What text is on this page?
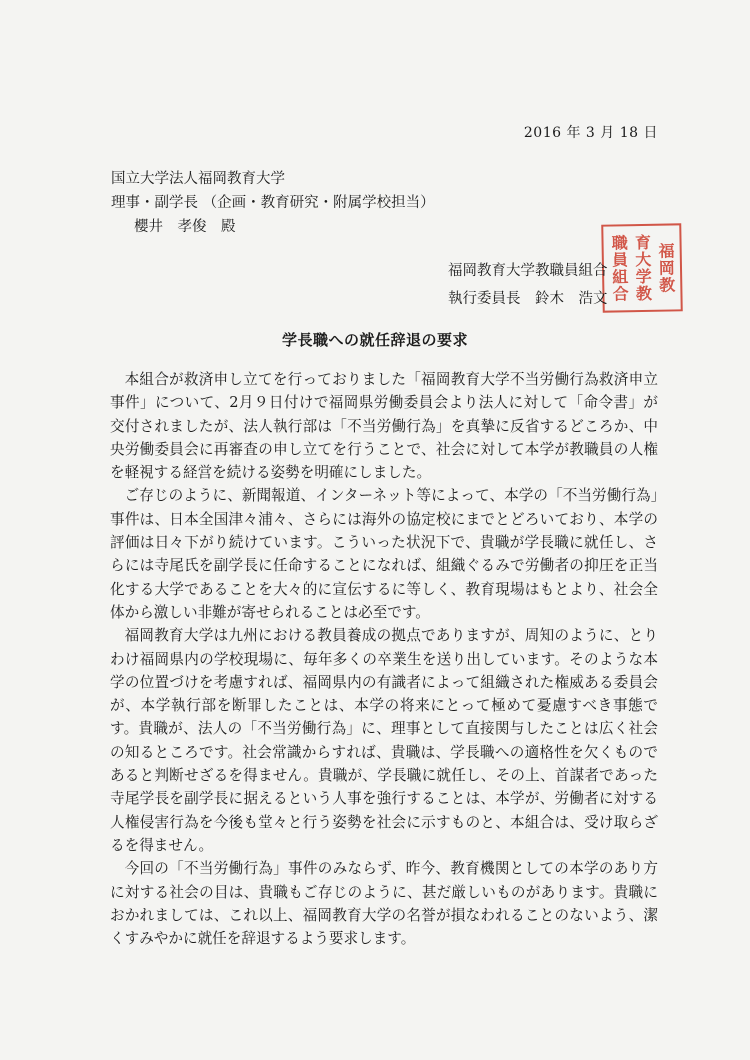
2016 年 3 月 18 日
国立大学法人福岡教育大学
理事・副学長 （企画・教育研究・附属学校担当）
櫻井　孝俊　殿
福岡教
育大学教
職員組合
福岡教育大学教職員組合
執行委員長　鈴木　浩文
学長職への就任辞退の要求

本組合が救済申し立てを行っておりました「福岡教育大学不当労働行為救済申立事件」について、2月９日付けで福岡県労働委員会より法人に対して「命令書」が交付されましたが、法人執行部は「不当労働行為」を真摯に反省するどころか、中央労働委員会に再審査の申し立てを行うことで、社会に対して本学が教職員の人権を軽視する経営を続ける姿勢を明確にしました。

ご存じのように、新聞報道、インターネット等によって、本学の「不当労働行為」事件は、日本全国津々浦々、さらには海外の協定校にまでとどろいており、本学の評価は日々下がり続けています。こういった状況下で、貴職が学長職に就任し、さらには寺尾氏を副学長に任命することになれば、組織ぐるみで労働者の抑圧を正当化する大学であることを大々的に宣伝するに等しく、教育現場はもとより、社会全体から激しい非難が寄せられることは必至です。

福岡教育大学は九州における教員養成の拠点でありますが、周知のように、とりわけ福岡県内の学校現場に、毎年多くの卒業生を送り出しています。そのような本学の位置づけを考慮すれば、福岡県内の有識者によって組織された権威ある委員会が、本学執行部を断罪したことは、本学の将来にとって極めて憂慮すべき事態です。貴職が、法人の「不当労働行為」に、理事として直接関与したことは広く社会の知るところです。社会常識からすれば、貴職は、学長職への適格性を欠くものであると判断せざるを得ません。貴職が、学長職に就任し、その上、首謀者であった寺尾学長を副学長に据えるという人事を強行することは、本学が、労働者に対する人権侵害行為を今後も堂々と行う姿勢を社会に示すものと、本組合は、受け取らざるを得ません。

今回の「不当労働行為」事件のみならず、昨今、教育機関としての本学のあり方に対する社会の目は、貴職もご存じのように、甚だ厳しいものがあります。貴職におかれましては、これ以上、福岡教育大学の名誉が損なわれることのないよう、潔くすみやかに就任を辞退するよう要求します。
